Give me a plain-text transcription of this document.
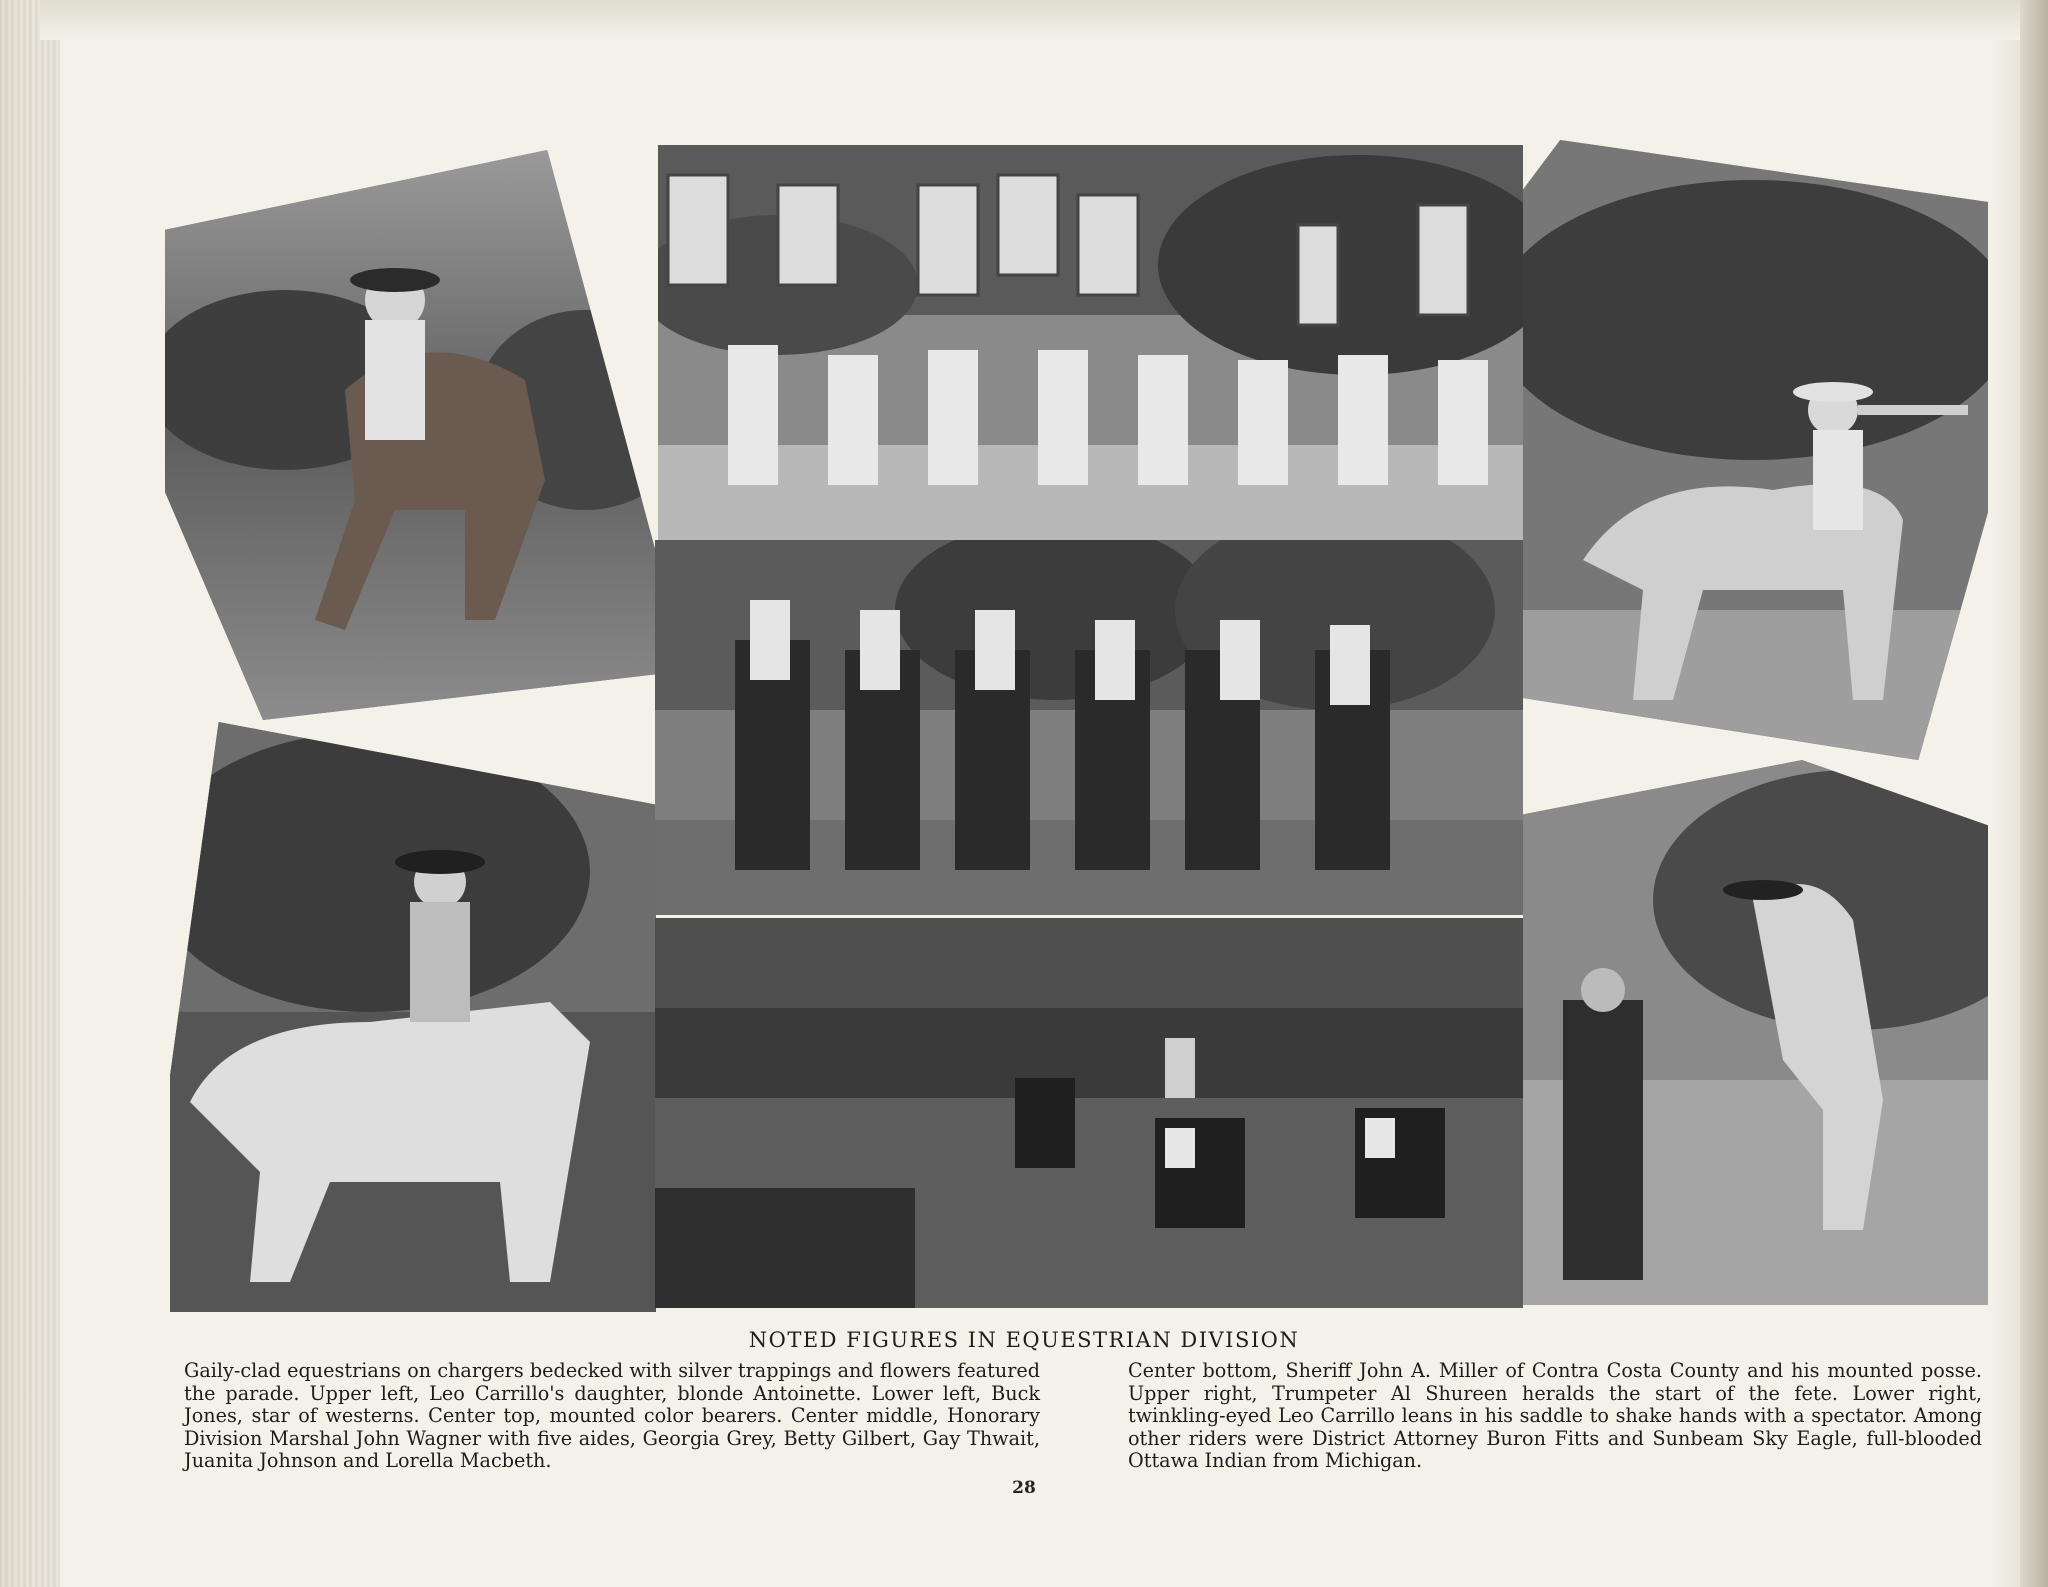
NOTED FIGURES IN EQUESTRIAN DIVISION
Gaily-clad equestrians on chargers bedecked with silver trappings and flowers featured the parade. Upper left, Leo Carrillo's daughter, blonde Antoinette. Lower left, Buck Jones, star of westerns. Center top, mounted color bearers. Center middle, Honorary Division Marshal John Wagner with five aides, Georgia Grey, Betty Gilbert, Gay Thwait, Juanita Johnson and Lorella Macbeth.
Center bottom, Sheriff John A. Miller of Contra Costa County and his mounted posse. Upper right, Trumpeter Al Shureen heralds the start of the fete. Lower right, twinkling-eyed Leo Carrillo leans in his saddle to shake hands with a spectator. Among other riders were District Attorney Buron Fitts and Sunbeam Sky Eagle, full-blooded Ottawa Indian from Michigan.
28
